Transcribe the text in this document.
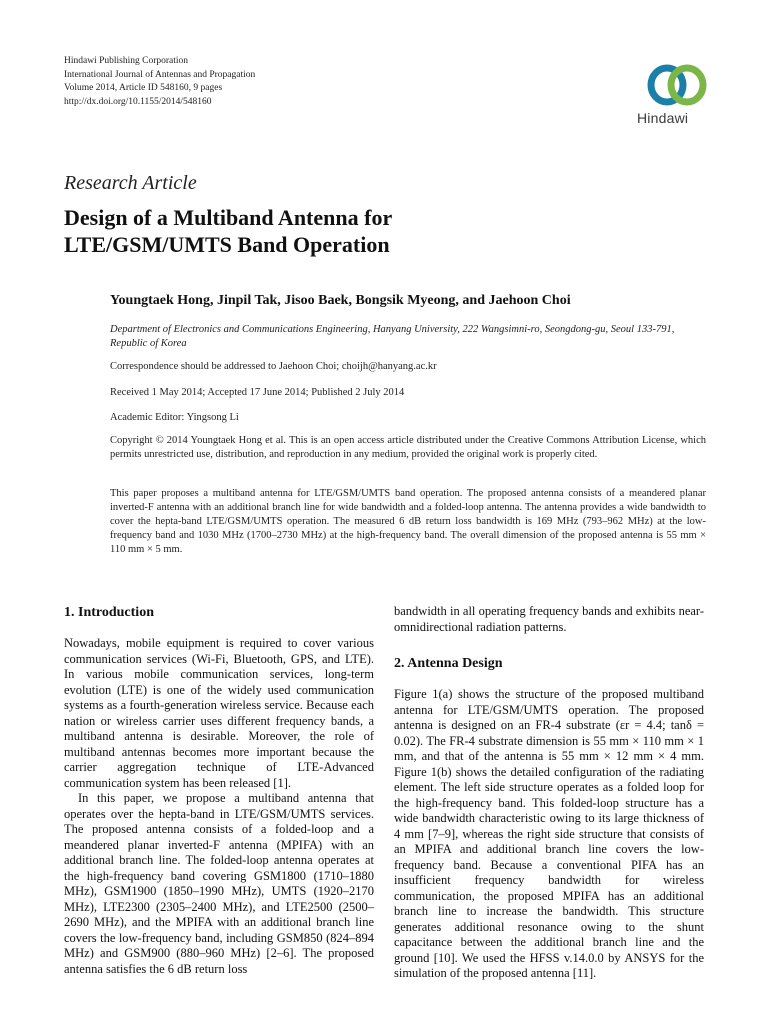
Hindawi Publishing Corporation
International Journal of Antennas and Propagation
Volume 2014, Article ID 548160, 9 pages
http://dx.doi.org/10.1155/2014/548160
Hindawi
Research Article
Design of a Multiband Antenna for
LTE/GSM/UMTS Band Operation
Youngtaek Hong, Jinpil Tak, Jisoo Baek, Bongsik Myeong, and Jaehoon Choi
Department of Electronics and Communications Engineering, Hanyang University, 222 Wangsimni-ro, Seongdong-gu, Seoul 133-791, Republic of Korea
Correspondence should be addressed to Jaehoon Choi; choijh@hanyang.ac.kr
Received 1 May 2014; Accepted 17 June 2014; Published 2 July 2014
Academic Editor: Yingsong Li
Copyright © 2014 Youngtaek Hong et al. This is an open access article distributed under the Creative Commons Attribution License, which permits unrestricted use, distribution, and reproduction in any medium, provided the original work is properly cited.
This paper proposes a multiband antenna for LTE/GSM/UMTS band operation. The proposed antenna consists of a meandered planar inverted-F antenna with an additional branch line for wide bandwidth and a folded-loop antenna. The antenna provides a wide bandwidth to cover the hepta-band LTE/GSM/UMTS operation. The measured 6 dB return loss bandwidth is 169 MHz (793–962 MHz) at the low-frequency band and 1030 MHz (1700–2730 MHz) at the high-frequency band. The overall dimension of the proposed antenna is 55 mm × 110 mm × 5 mm.
1. Introduction

Nowadays, mobile equipment is required to cover various communication services (Wi-Fi, Bluetooth, GPS, and LTE). In various mobile communication services, long-term evolution (LTE) is one of the widely used communication systems as a fourth-generation wireless service. Because each nation or wireless carrier uses different frequency bands, a multiband antenna is desirable. Moreover, the role of multiband antennas becomes more important because the carrier aggregation technique of LTE-Advanced communication system has been released [1].

In this paper, we propose a multiband antenna that operates over the hepta-band in LTE/GSM/UMTS services. The proposed antenna consists of a folded-loop and a meandered planar inverted-F antenna (MPIFA) with an additional branch line. The folded-loop antenna operates at the high-frequency band covering GSM1800 (1710–1880 MHz), GSM1900 (1850–1990 MHz), UMTS (1920–2170 MHz), LTE2300 (2305–2400 MHz), and LTE2500 (2500–2690 MHz), and the MPIFA with an additional branch line covers the low-frequency band, including GSM850 (824–894 MHz) and GSM900 (880–960 MHz) [2–6]. The proposed antenna satisfies the 6 dB return loss

bandwidth in all operating frequency bands and exhibits near-omnidirectional radiation patterns.

2. Antenna Design

Figure 1(a) shows the structure of the proposed multiband antenna for LTE/GSM/UMTS operation. The proposed antenna is designed on an FR-4 substrate (εr = 4.4; tanδ = 0.02). The FR-4 substrate dimension is 55 mm × 110 mm × 1 mm, and that of the antenna is 55 mm × 12 mm × 4 mm. Figure 1(b) shows the detailed configuration of the radiating element. The left side structure operates as a folded loop for the high-frequency band. This folded-loop structure has a wide bandwidth characteristic owing to its large thickness of 4 mm [7–9], whereas the right side structure that consists of an MPIFA and additional branch line covers the low-frequency band. Because a conventional PIFA has an insufficient frequency bandwidth for wireless communication, the proposed MPIFA has an additional branch line to increase the bandwidth. This structure generates additional resonance owing to the shunt capacitance between the additional branch line and the ground [10]. We used the HFSS v.14.0.0 by ANSYS for the simulation of the proposed antenna [11].
